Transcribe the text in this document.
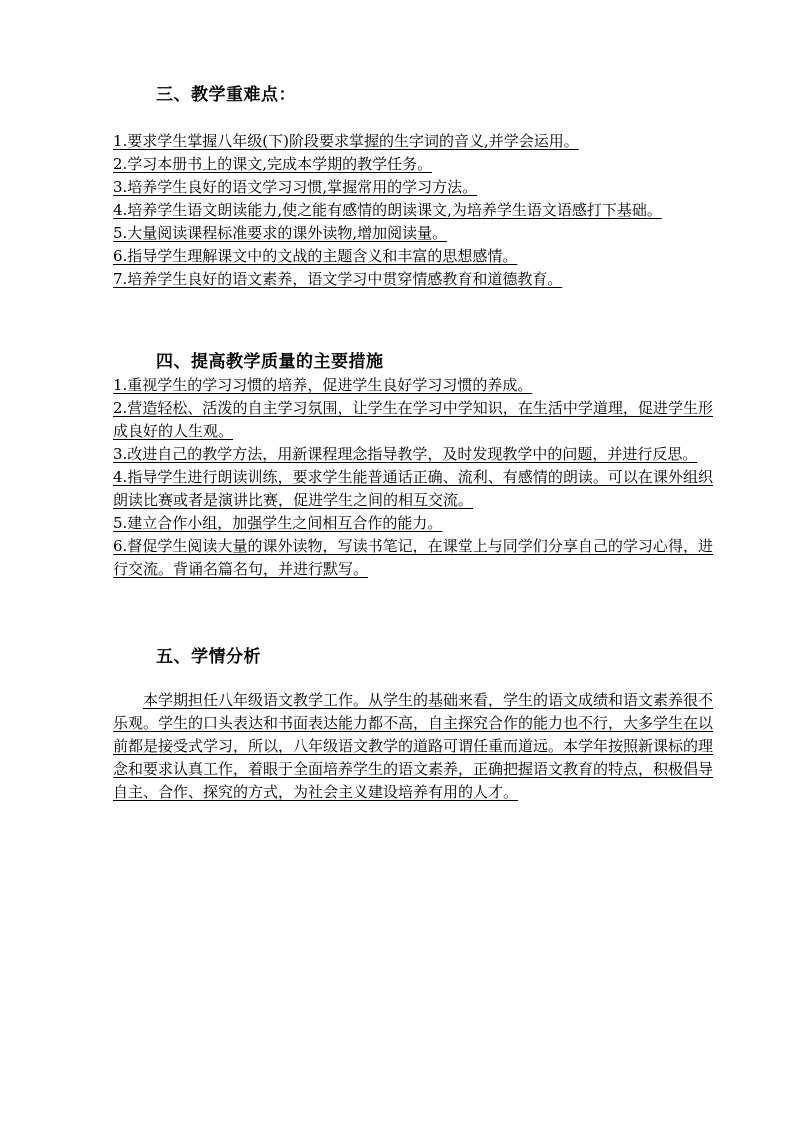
三、教学重难点：
1.要求学生掌握八年级(下)阶段要求掌握的生字词的音义,并学会运用。
2.学习本册书上的课文,完成本学期的教学任务。
3.培养学生良好的语文学习习惯,掌握常用的学习方法。
4.培养学生语文朗读能力,使之能有感情的朗读课文,为培养学生语文语感打下基础。
5.大量阅读课程标准要求的课外读物,增加阅读量。
6.指导学生理解课文中的文战的主题含义和丰富的思想感情。
7.培养学生良好的语文素养，语文学习中贯穿情感教育和道德教育。
四、提高教学质量的主要措施
1.重视学生的学习习惯的培养，促进学生良好学习习惯的养成。
2.营造轻松、活泼的自主学习氛围，让学生在学习中学知识，在生活中学道理，促进学生形成良好的人生观。
3.改进自己的教学方法，用新课程理念指导教学，及时发现教学中的问题，并进行反思。
4.指导学生进行朗读训练，要求学生能普通话正确、流利、有感情的朗读。可以在课外组织朗读比赛或者是演讲比赛，促进学生之间的相互交流。
5.建立合作小组，加强学生之间相互合作的能力。
6.督促学生阅读大量的课外读物，写读书笔记，在课堂上与同学们分享自己的学习心得，进行交流。背诵名篇名句，并进行默写。
五、学情分析

本学期担任八年级语文教学工作。从学生的基础来看，学生的语文成绩和语文素养很不乐观。学生的口头表达和书面表达能力都不高，自主探究合作的能力也不行，大多学生在以前都是接受式学习，所以，八年级语文教学的道路可谓任重而道远。本学年按照新课标的理念和要求认真工作，着眼于全面培养学生的语文素养，正确把握语文教育的特点，积极倡导自主、合作、探究的方式，为社会主义建设培养有用的人才。
